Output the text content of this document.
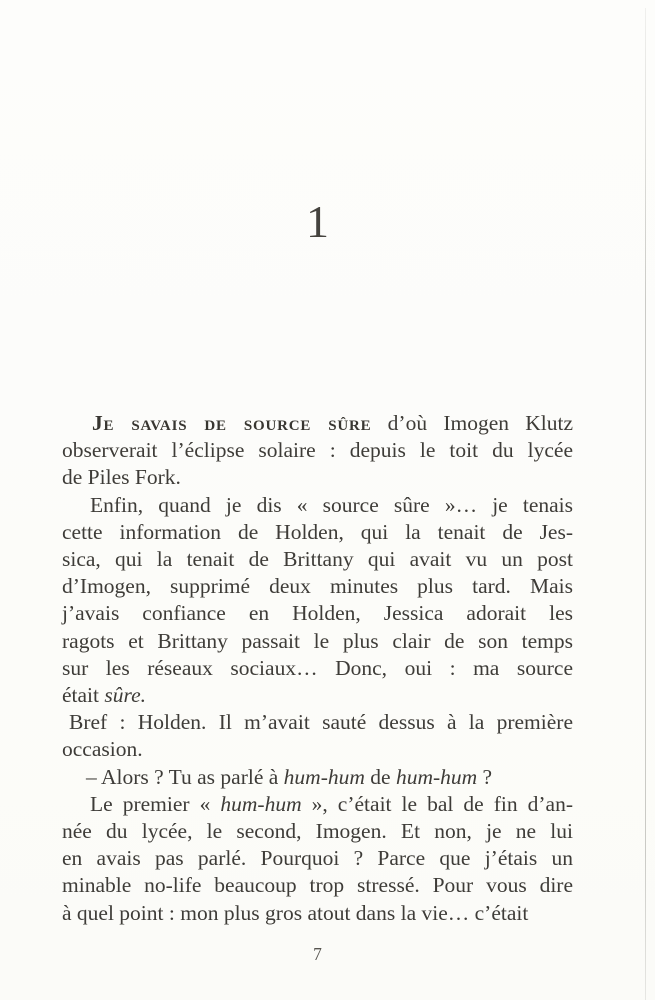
1
Je savais de source sûre d’où Imogen Klutz
observerait l’éclipse solaire : depuis le toit du lycée
de Piles Fork.
Enfin, quand je dis « source sûre »… je tenais
cette information de Holden, qui la tenait de Jes-
sica, qui la tenait de Brittany qui avait vu un post
d’Imogen, supprimé deux minutes plus tard. Mais
j’avais confiance en Holden, Jessica adorait les
ragots et Brittany passait le plus clair de son temps
sur les réseaux sociaux… Donc, oui : ma source
était sûre.
Bref : Holden. Il m’avait sauté dessus à la première
occasion.
– Alors ? Tu as parlé à hum-hum de hum-hum ?
Le premier « hum-hum », c’était le bal de fin d’an-
née du lycée, le second, Imogen. Et non, je ne lui
en avais pas parlé. Pourquoi ? Parce que j’étais un
minable no-life beaucoup trop stressé. Pour vous dire
à quel point : mon plus gros atout dans la vie… c’était
7
